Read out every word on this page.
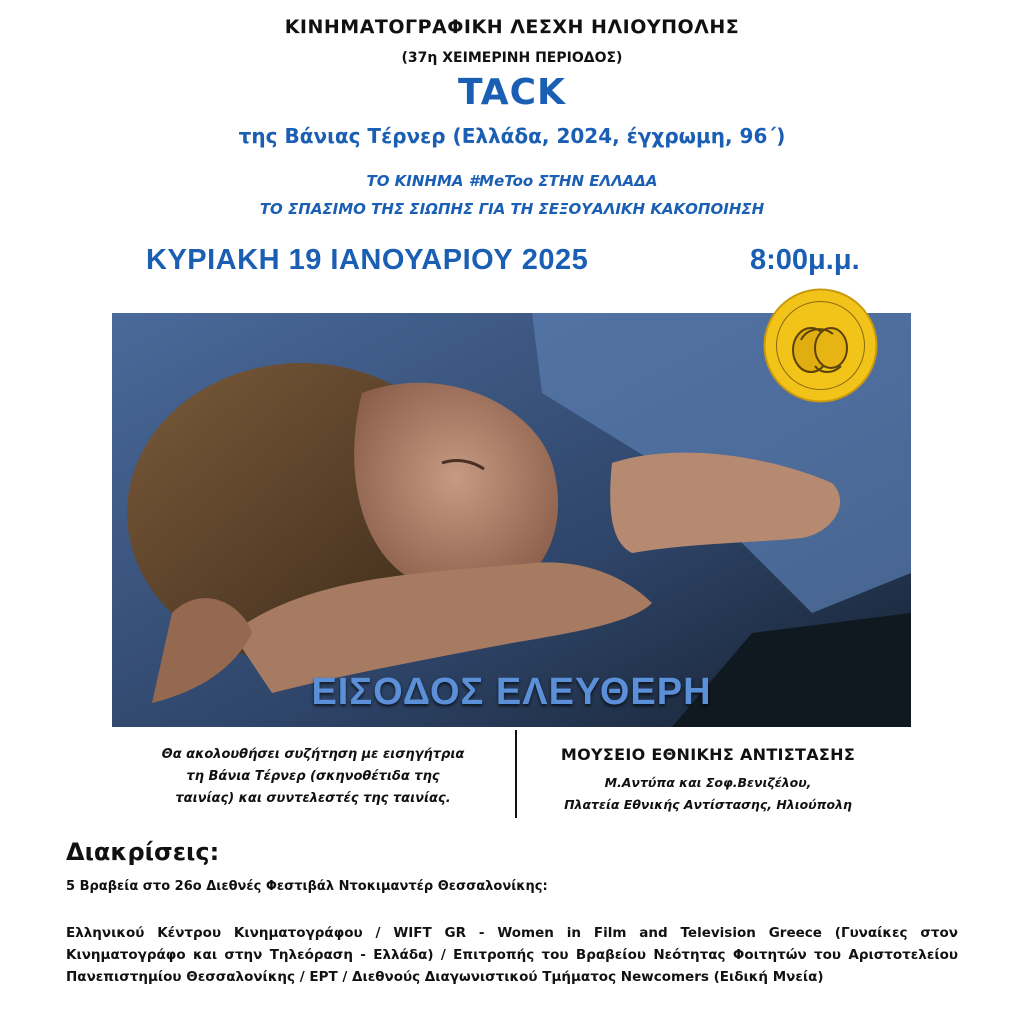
ΚΙΝΗΜΑΤΟΓΡΑΦΙΚΗ ΛΕΣΧΗ ΗΛΙΟΥΠΟΛΗΣ
(37η ΧΕΙΜΕΡΙΝΗ ΠΕΡΙΟΔΟΣ)
TACK
της Βάνιας Τέρνερ (Ελλάδα, 2024, έγχρωμη, 96΄)
ΤΟ ΚΙΝΗΜΑ #MeToo ΣΤΗΝ ΕΛΛΑΔΑ
ΤΟ ΣΠΑΣΙΜΟ ΤΗΣ ΣΙΩΠΗΣ ΓΙΑ ΤΗ ΣΕΞΟΥΑΛΙΚΗ ΚΑΚΟΠΟΙΗΣΗ
ΚΥΡΙΑΚΗ 19 ΙΑΝΟΥΑΡΙΟΥ 2025	8:00μ.μ.
ΕΙΣΟΔΟΣ ΕΛΕΥΘΕΡΗ
Θα ακολουθήσει συζήτηση με εισηγήτρια
τη Βάνια Τέρνερ (σκηνοθέτιδα της
ταινίας) και συντελεστές της ταινίας.
ΜΟΥΣΕΙΟ ΕΘΝΙΚΗΣ ΑΝΤΙΣΤΑΣΗΣ
Μ.Αντύπα και Σοφ.Βενιζέλου,
Πλατεία Εθνικής Αντίστασης, Ηλιούπολη
Διακρίσεις:
5 Βραβεία στο 26ο Διεθνές Φεστιβάλ Ντοκιμαντέρ Θεσσαλονίκης:
Ελληνικού Κέντρου Κινηματογράφου / WIFT GR - Women in Film and Television Greece (Γυναίκες στον Κινηματογράφο και στην Τηλεόραση - Ελλάδα) / Επιτροπής του Βραβείου Νεότητας Φοιτητών του Αριστοτελείου Πανεπιστημίου Θεσσαλονίκης / ΕΡΤ / Διεθνούς Διαγωνιστικού Τμήματος Newcomers (Ειδική Μνεία)
